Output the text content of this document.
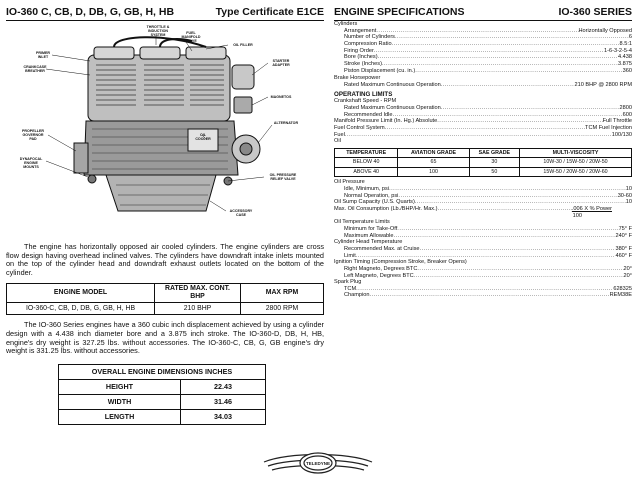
IO-360 C, CB, D, DB, G, GB, H, HB	Type Certificate E1CE
THROTTLE &
INDUCTION
SYSTEM	FUEL
MANIFOLD
VALVE
OIL FILLER
PRIMER
INLET
CRANKCASE
BREATHER
STARTER
ADAPTER
MAGNETOS
OIL
COOLER
ALTERNATOR
PROPELLER
GOVERNOR
PAD
DYNAFOCAL
ENGINE
MOUNTS
OIL PRESSURE
RELIEF VALVE
ACCESSORY
CASE

The engine has horizontally opposed air cooled cylinders. The engine cylinders are cross flow design having overhead inclined valves. The cylinders have downdraft intake inlets mounted on the top of the cylinder head and downdraft exhaust outlets located on the bottom of the cylinder.

ENGINE MODEL	RATED MAX. CONT. BHP	MAX RPM
IO-360-C, CB, D, DB, G, GB, H, HB	210 BHP	2800 RPM

The IO-360 Series engines have a 360 cubic inch displacement achieved by using a cylinder design with a 4.438 inch diameter bore and a 3.875 inch stroke. The IO-360-D, DB, H, HB, engine's dry weight is 327.25 lbs. without accessories. The IO-360-C, CB, G, GB engine's dry weight is 331.25 lbs. without accessories.

OVERALL ENGINE DIMENSIONS INCHES	
HEIGHT	22.43
WIDTH	31.46
LENGTH	34.03
ENGINE SPECIFICATIONS	IO-360 SERIES
Cylinders
Arrangement .....	Horizontally Opposed
Number of Cylinders .....	6
Compression Ratio .....	8.5:1
Firing Order .....	1-6-3-2-5-4
Bore (Inches) .....	4.438
Stroke (Inches) .....	3.875
Piston Displacement (cu. in.) .....	360
Brake Horsepower
Rated Maximum Continuous Operation .....	210 BHP @ 2800 RPM
OPERATING LIMITS
Crankshaft Speed - RPM
Rated Maximum Continuous Operation .....	2800
Recommended Idle .....	600
Manifold Pressure Limit (In. Hg.) Absolute .....	Full Throttle
Fuel Control System .....	TCM Fuel Injection
Fuel .....	100/130
Oil
TEMPERATURE	AVIATION GRADE	SAE GRADE	MULTI-VISCOSITY
BELOW 40	65	30	10W-30 / 15W-50 / 20W-50
ABOVE 40	100	50	15W-50 / 20W-50 / 20W-60
Oil Pressure
Idle, Minimum, psi .....	10
Normal Operation, psi .....	30-60
Oil Sump Capacity (U.S. Quarts) .....	10
Max. Oil Consumption (Lb./BHP/Hr. Max.) .....	.006 X % Power
100
Oil Temperature Limits
Minimum for Take-Off .....	75° F
Maximum Allowable .....	240° F
Cylinder Head Temperature
Recommended Max. at Cruise .....	380° F
Limit .....	460° F
Ignition Timing (Compression Stroke, Breaker Opens)
Right Magneto, Degrees BTC .....	20°
Left Magneto, Degrees BTC .....	20°
Spark Plug
TCM .....	628325
Champion .....	REM38E
TELEDYNE
